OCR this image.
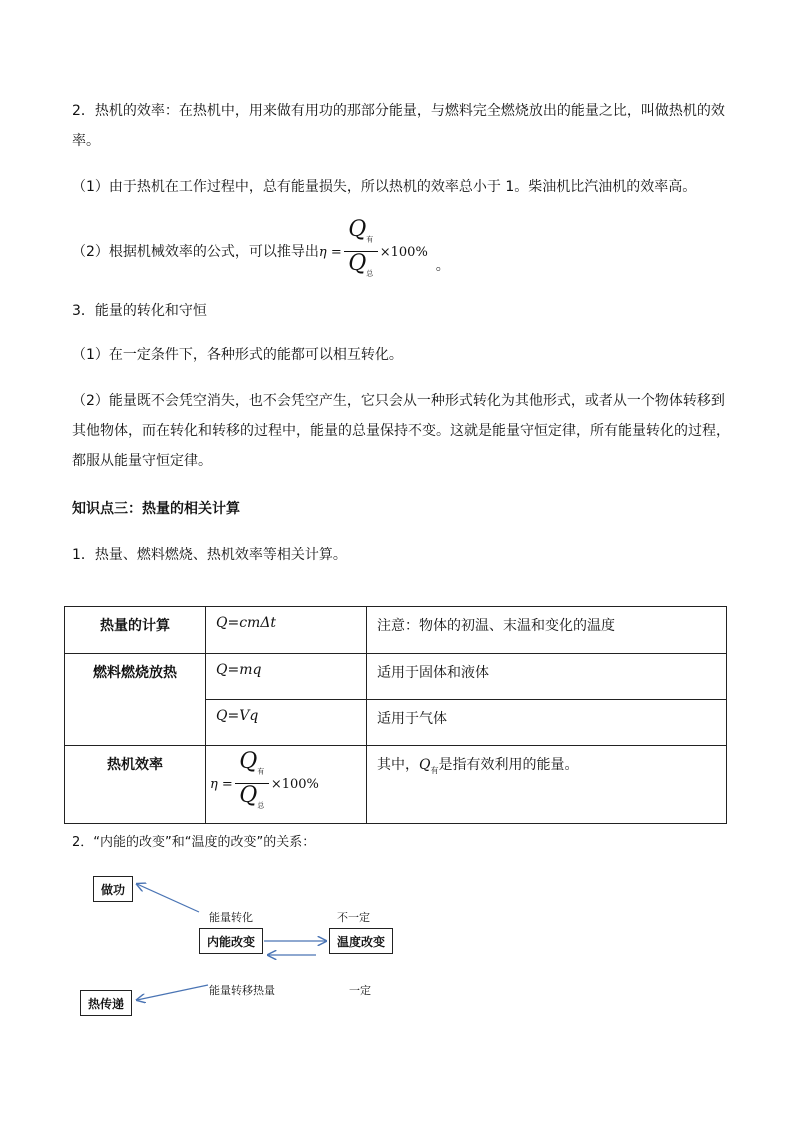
2．热机的效率：在热机中，用来做有用功的那部分能量，与燃料完全燃烧放出的能量之比，叫做热机的效率。

（1）由于热机在工作过程中，总有能量损失，所以热机的效率总小于 1。柴油机比汽油机的效率高。

（2）根据机械效率的公式，可以推导出$\eta = \frac{Q_有}{Q_总} \times 100\%$。

3．能量的转化和守恒

（1）在一定条件下，各种形式的能都可以相互转化。

（2）能量既不会凭空消失，也不会凭空产生，它只会从一种形式转化为其他形式，或者从一个物体转移到其他物体，而在转化和转移的过程中，能量的总量保持不变。这就是能量守恒定律，所有能量转化的过程，都服从能量守恒定律。

知识点三：热量的相关计算

1．热量、燃料燃烧、热机效率等相关计算。

热量的计算	Q=cmΔt	注意：物体的初温、末温和变化的温度
燃料燃烧放热	Q=mq	适用于固体和液体
	Q=Vq	适用于气体
热机效率	$\eta = \frac{Q_有}{Q_总} \times 100\%$	其中，$Q_有$是指有效利用的能量。

2．“内能的改变”和“温度的改变”的关系：

做功
内能改变	温度改变
热传递
能量转化	不一定
能量转移热量	一定
